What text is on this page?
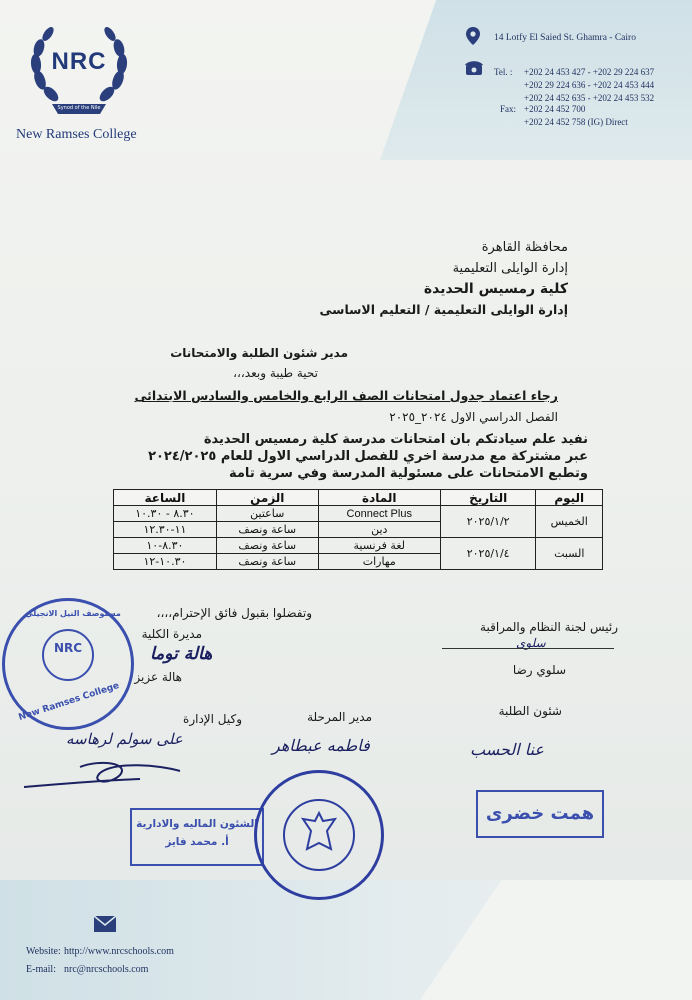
NRC
Synod of the Nile
New Ramses College
14 Lotfy El Saied St. Ghamra - Cairo
Tel. : +202 24 453 427 - +202 29 224 637
+202 29 224 636 - +202 24 453 444
+202 24 452 635 - +202 24 453 532
Fax: +202 24 452 700
+202 24 452 758 (IG) Direct
محافظة القاهرة
إدارة الوايلى التعليمية
كلية رمسيس الحديدة
إدارة الوايلى التعليمية / التعليم الاساسى
مدير شئون الطلبة والامتحانات
تحية طيبة وبعد،،،
رجاء اعتماد جدول امتحانات الصف الرابع والخامس والسادس الابتدائى
الفصل الدراسي الاول ٢٠٢٤_٢٠٢٥
نفيد علم سيادتكم بان امتحانات مدرسة كلية رمسيس الحديدة
عبر مشتركة مع مدرسة اخري للفصل الدراسي الاول للعام ٢٠٢٤/٢٠٢٥
وتطبع الامتحانات على مسئولية المدرسة وفي سرية تامة
اليوم	التاريخ	المادة	الزمن	الساعة
الخميس	٢٠٢٥/١/٢	Connect Plus	ساعتين	٨.٣٠ - ١٠.٣٠
		دين	ساعة ونصف	١١-١٢.٣٠
السبت	٢٠٢٥/١/٤	لغة فرنسية	ساعة ونصف	٨.٣٠-١٠
		مهارات	ساعة ونصف	١٠.٣٠-١٢
وتفضلوا بقبول فائق الإحترام،،،،
رئيس لجنة النظام والمراقبة
سلوى
سلوي رضا
مديرة الكلية
هالة توما
هالة عزيز
شئون الطلبة
عنا الحسب
مدير المرحلة
فاطمه عبطاهر
وكيل الإدارة
على سولم لرهاسه
NRC
New Ramses College
مستوصف النيل الانجيلي
الشئون الماليه والادارية
أ. محمد فايز
همت خضرى
Website: http://www.nrcschools.com
E-mail: nrc@nrcschools.com
